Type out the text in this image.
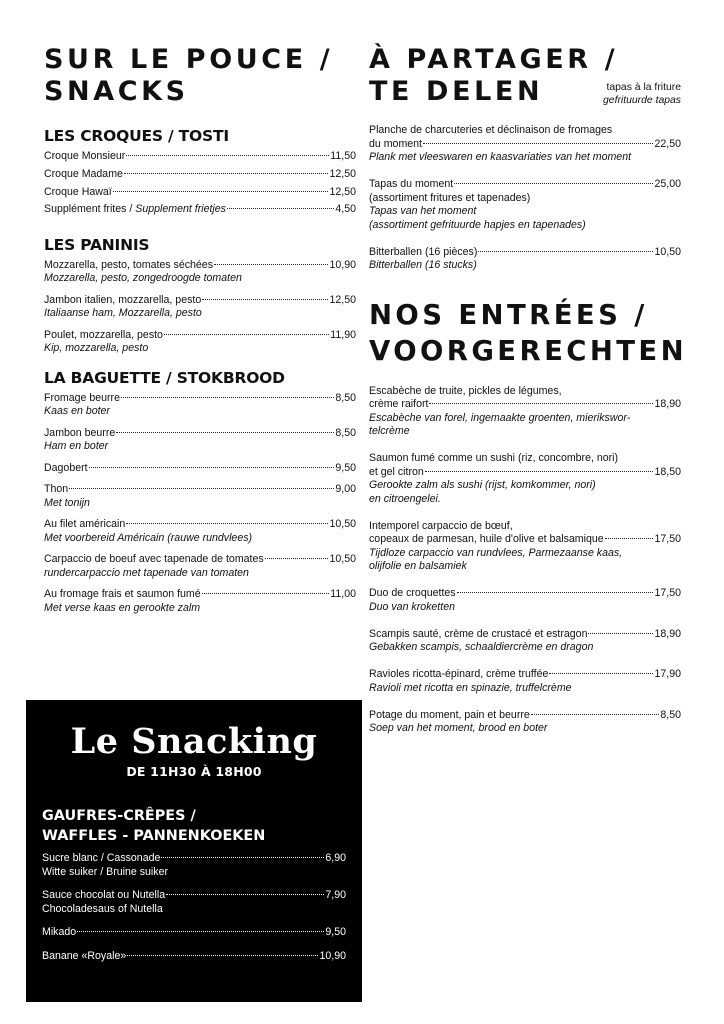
SUR LE POUCE /
SNACKS
LES CROQUES / TOSTI
Croque Monsieur	11,50
Croque Madame	12,50
Croque Hawaï	12,50
Supplément frites / Supplement frietjes	4,50
LES PANINIS
Mozzarella, pesto, tomates séchées	10,90
Mozzarella, pesto, zongedroogde tomaten
Jambon italien, mozzarella, pesto	12,50
Italiaanse ham, Mozzarella, pesto
Poulet, mozzarella, pesto	11,90
Kip, mozzarella, pesto
LA BAGUETTE / STOKBROOD
Fromage beurre	8,50
Kaas en boter
Jambon beurre	8,50
Ham en boter
Dagobert	9,50
Thon	9,00
Met tonijn
Au filet américain	10,50
Met voorbereid Américain (rauwe rundvlees)
Carpaccio de boeuf avec tapenade de tomates	10,50
rundercarpaccio met tapenade van tomaten
Au fromage frais et saumon fumé	11,00
Met verse kaas en gerookte zalm
À PARTAGER /
TE DELEN	tapas à la friture
gefrituurde tapas
Planche de charcuteries et déclinaison de fromages
du moment	22,50
Plank met vleeswaren en kaasvariaties van het moment
Tapas du moment	25,00
(assortiment fritures et tapenades)
Tapas van het moment
(assortiment gefrituurde hapjes en tapenades)
Bitterballen (16 pièces)	10,50
Bitterballen (16 stucks)
NOS ENTRÉES /
VOORGERECHTEN
Escabèche de truite, pickles de légumes,
crème raifort	18,90
Escabèche van forel, ingemaakte groenten, mierikswor-
telcrème
Saumon fumé comme un sushi (riz, concombre, nori)
et gel citron	18,50
Gerookte zalm als sushi (rijst, komkommer, nori)
en citroengelei.
Intemporel carpaccio de bœuf,
copeaux de parmesan, huile d'olive et balsamique	17,50
Tijdloze carpaccio van rundvlees, Parmezaanse kaas,
olijfolie en balsamiek
Duo de croquettes	17,50
Duo van kroketten
Scampis sauté, crème de crustacé et estragon	18,90
Gebakken scampis, schaaldiercrème en dragon
Ravioles ricotta-épinard, crème truffée	17,90
Ravioli met ricotta en spinazie, truffelcrème
Potage du moment, pain et beurre	8,50
Soep van het moment, brood en boter
Le Snacking
DE 11H30 À 18H00
GAUFRES-CRÊPES /
WAFFLES - PANNENKOEKEN
Sucre blanc / Cassonade	6,90
Witte suiker / Bruine suiker
Sauce chocolat ou Nutella	7,90
Chocoladesaus of Nutella
Mikado	9,50
Banane «Royale»	10,90
